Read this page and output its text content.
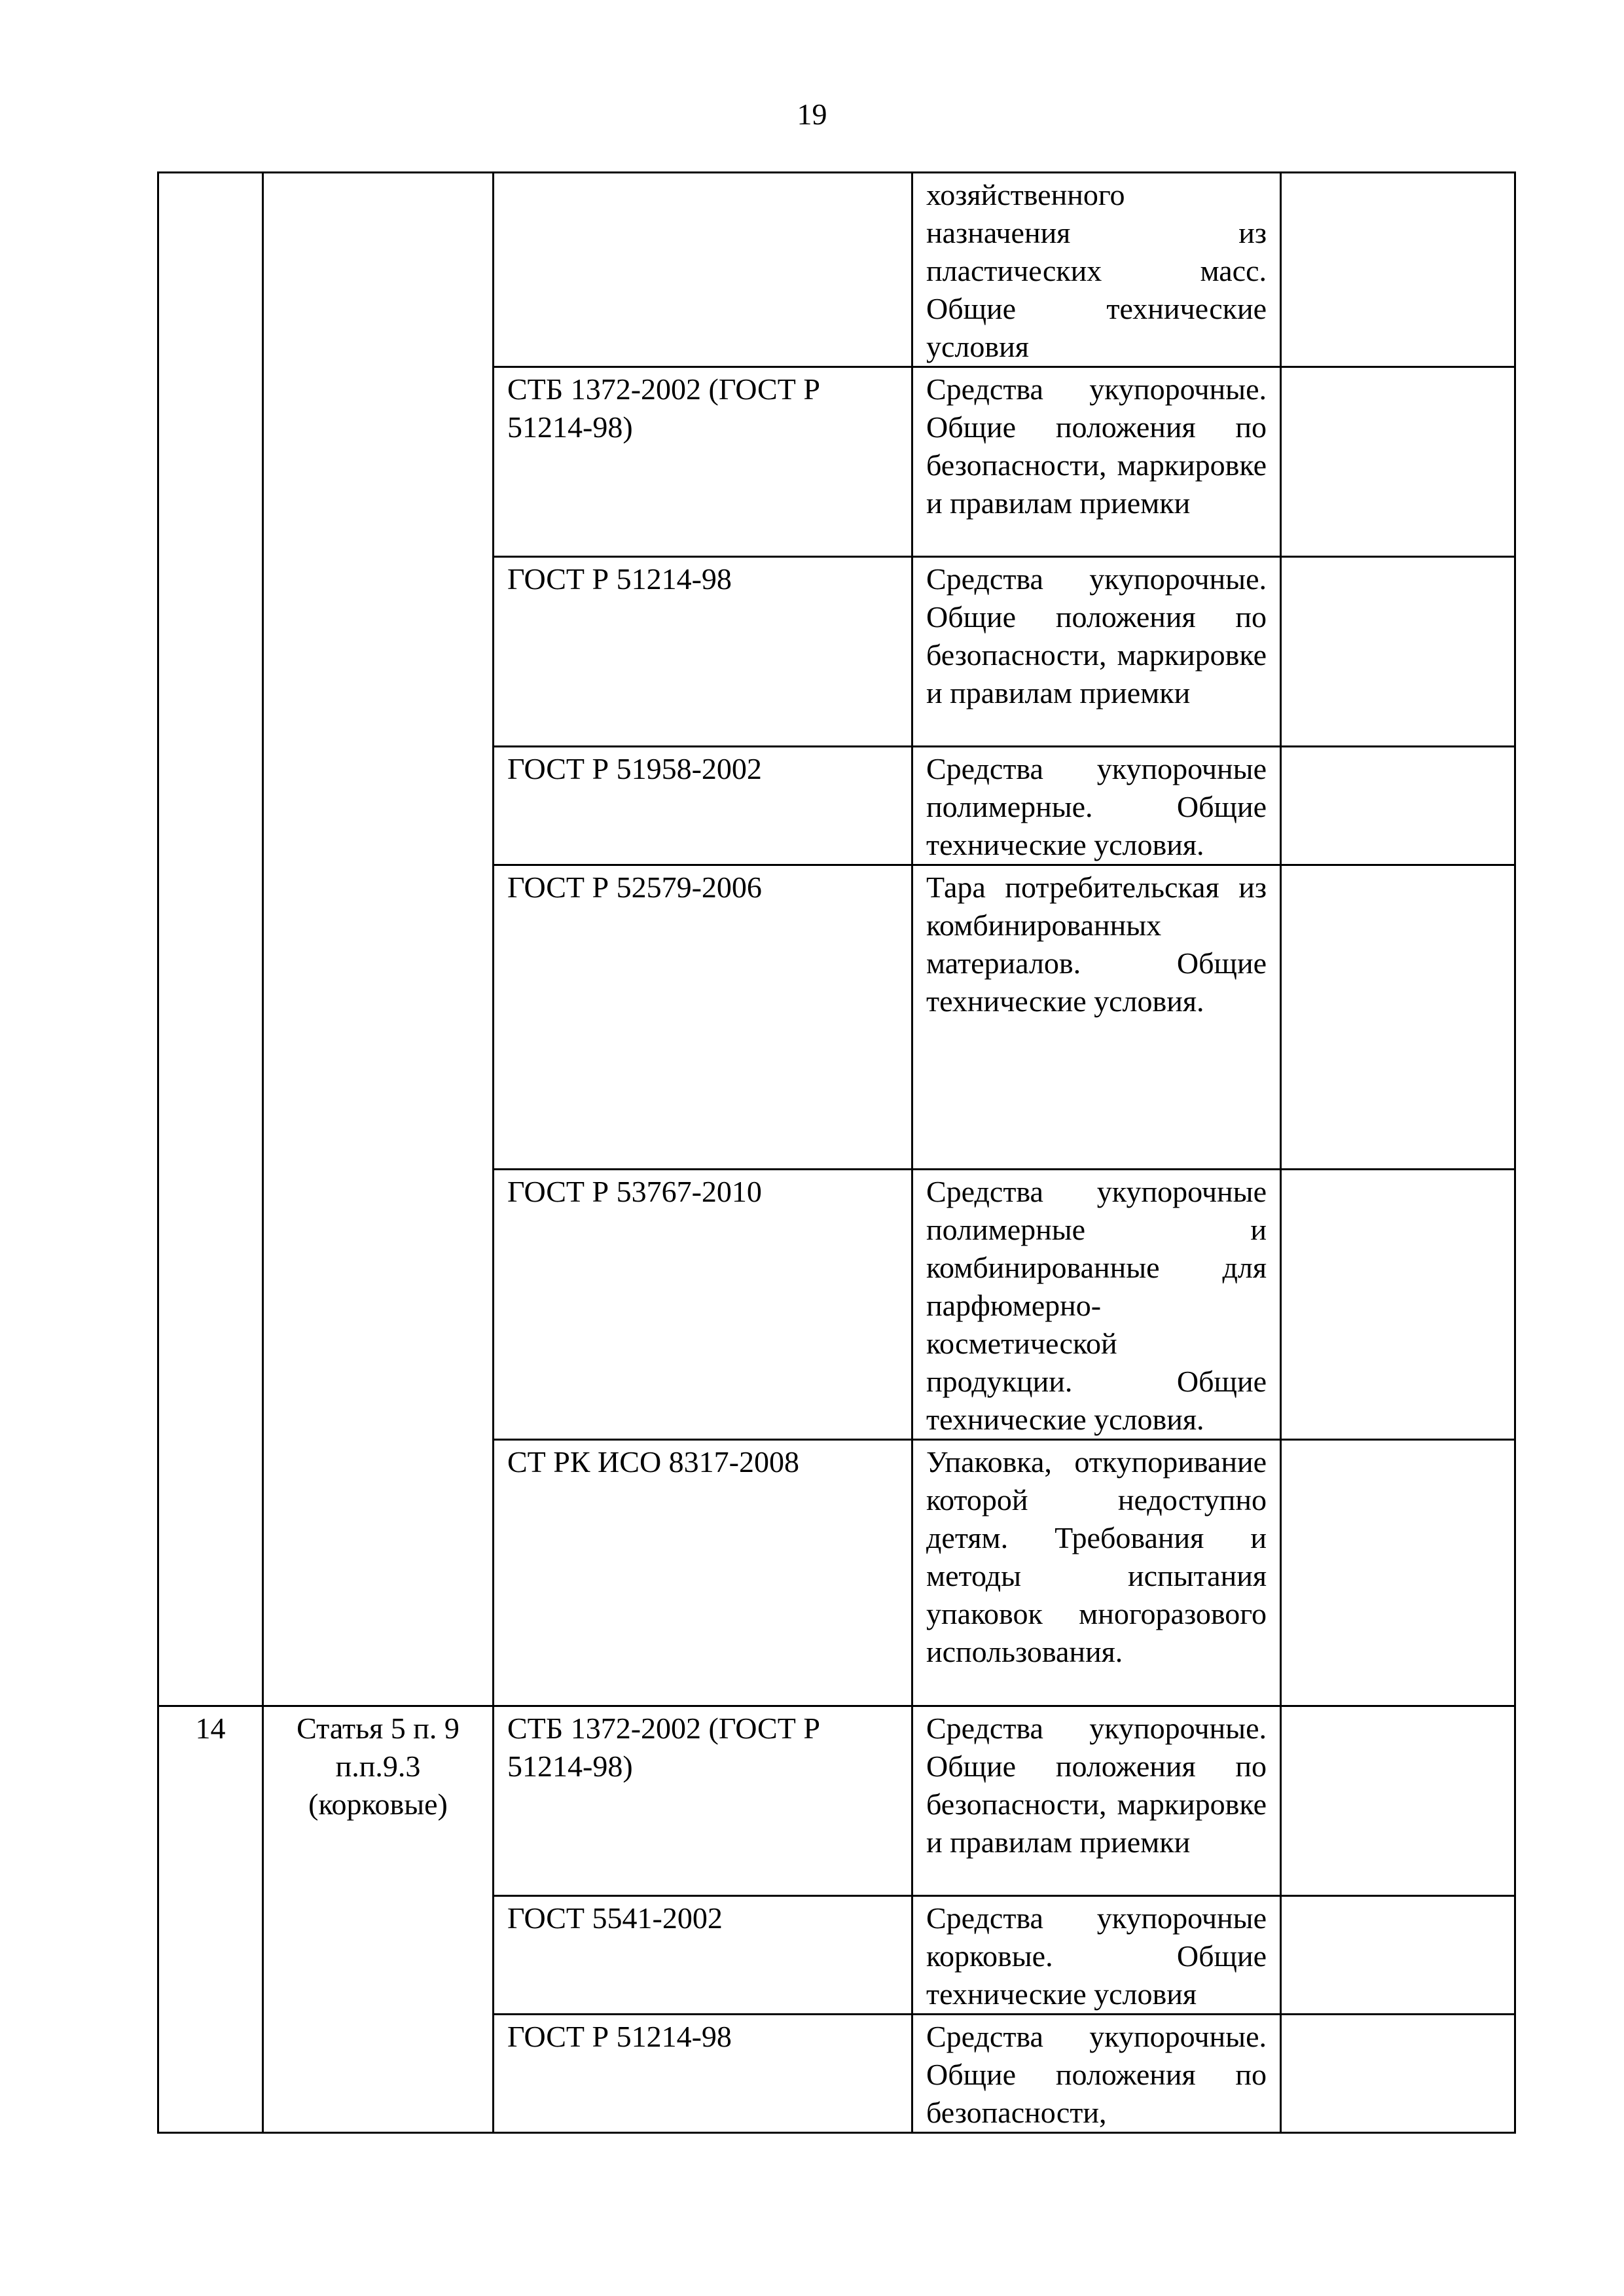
19
			хозяйственного назначения из пластических масс. Общие технические условия	
		СТБ 1372-2002 (ГОСТ Р 51214-98)	Средства укупорочные. Общие положения по безопасности, маркировке и правилам приемки	
		ГОСТ Р 51214-98	Средства укупорочные. Общие положения по безопасности, маркировке и правилам приемки	
		ГОСТ Р 51958-2002	Средства укупорочные полимерные. Общие технические условия.	
		ГОСТ Р 52579-2006	Тара потребительская из комбинированных материалов. Общие технические условия.	
		ГОСТ Р 53767-2010	Средства укупорочные полимерные и комбинированные для парфюмерно-косметической продукции. Общие технические условия.	
		СТ РК ИСО 8317-2008	Упаковка, откупоривание которой недоступно детям. Требования и методы испытания упаковок многоразового использования.	
14	Статья 5 п. 9 п.п.9.3 (корковые)	СТБ 1372-2002 (ГОСТ Р 51214-98)	Средства укупорочные. Общие положения по безопасности, маркировке и правилам приемки	
		ГОСТ 5541-2002	Средства укупорочные корковые. Общие технические условия	
		ГОСТ Р 51214-98	Средства укупорочные. Общие положения по безопасности,	
